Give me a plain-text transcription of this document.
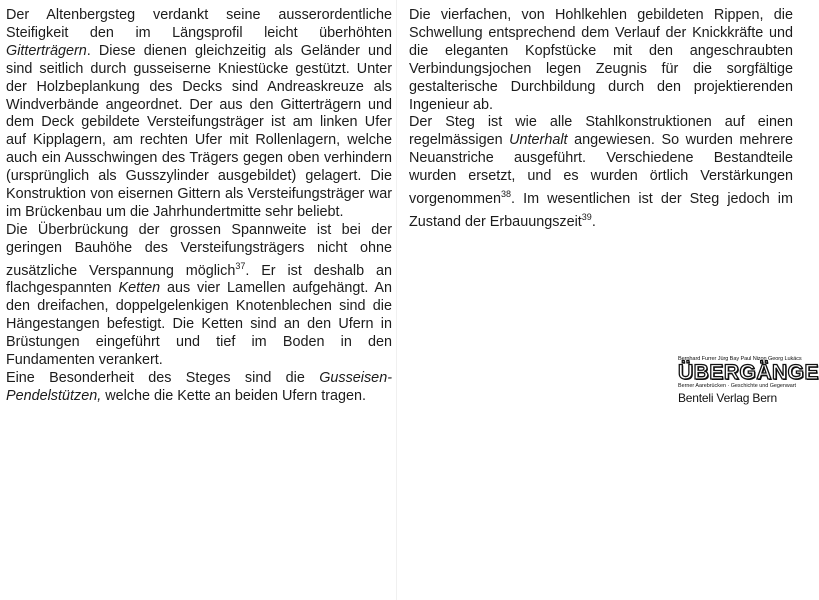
Der Altenbergsteg verdankt seine ausserordentliche Steifigkeit den im Längsprofil leicht überhöhten Gitterträgern. Diese dienen gleichzeitig als Geländer und sind seitlich durch gusseiserne Kniestücke gestützt. Unter der Holzbeplankung des Decks sind Andreaskreuze als Windverbände angeordnet. Der aus den Gitterträgern und dem Deck gebildete Versteifungsträger ist am linken Ufer auf Kipplagern, am rechten Ufer mit Rollenlagern, welche auch ein Ausschwingen des Trägers gegen oben verhindern (ursprünglich als Gusszylinder ausgebildet) gelagert. Die Konstruktion von eisernen Gittern als Versteifungsträger war im Brückenbau um die Jahrhundertmitte sehr beliebt.

Die Überbrückung der grossen Spannweite ist bei der geringen Bauhöhe des Versteifungsträgers nicht ohne zusätzliche Verspannung möglich$^{37}$. Er ist deshalb an flachgespannten Ketten aus vier Lamellen aufgehängt. An den dreifachen, doppelgelenkigen Knotenblechen sind die Hängestangen befestigt. Die Ketten sind an den Ufern in Brüstungen eingeführt und tief im Boden in den Fundamenten verankert.

Eine Besonderheit des Steges sind die Gusseisen-Pendelstützen, welche die Kette an beiden Ufern tragen.

Die vierfachen, von Hohlkehlen gebildeten Rippen, die Schwellung entsprechend dem Verlauf der Knickkräfte und die eleganten Kopfstücke mit den angeschraubten Verbindungsjochen legen Zeugnis für die sorgfältige gestalterische Durchbildung durch den projektierenden Ingenieur ab.

Der Steg ist wie alle Stahlkonstruktionen auf einen regelmässigen Unterhalt angewiesen. So wurden mehrere Neuanstriche ausgeführt. Verschiedene Bestandteile wurden ersetzt, und es wurden örtlich Verstärkungen vorgenommen$^{38}$. Im wesentlichen ist der Steg jedoch im Zustand der Erbauungszeit$^{39}$.

Bernhard Furrer Jürg Bay Paul Nizon Georg Lukács
ÜBERGÄNGE
Berner Aarebrücken · Geschichte und Gegenwart
Benteli Verlag Bern
